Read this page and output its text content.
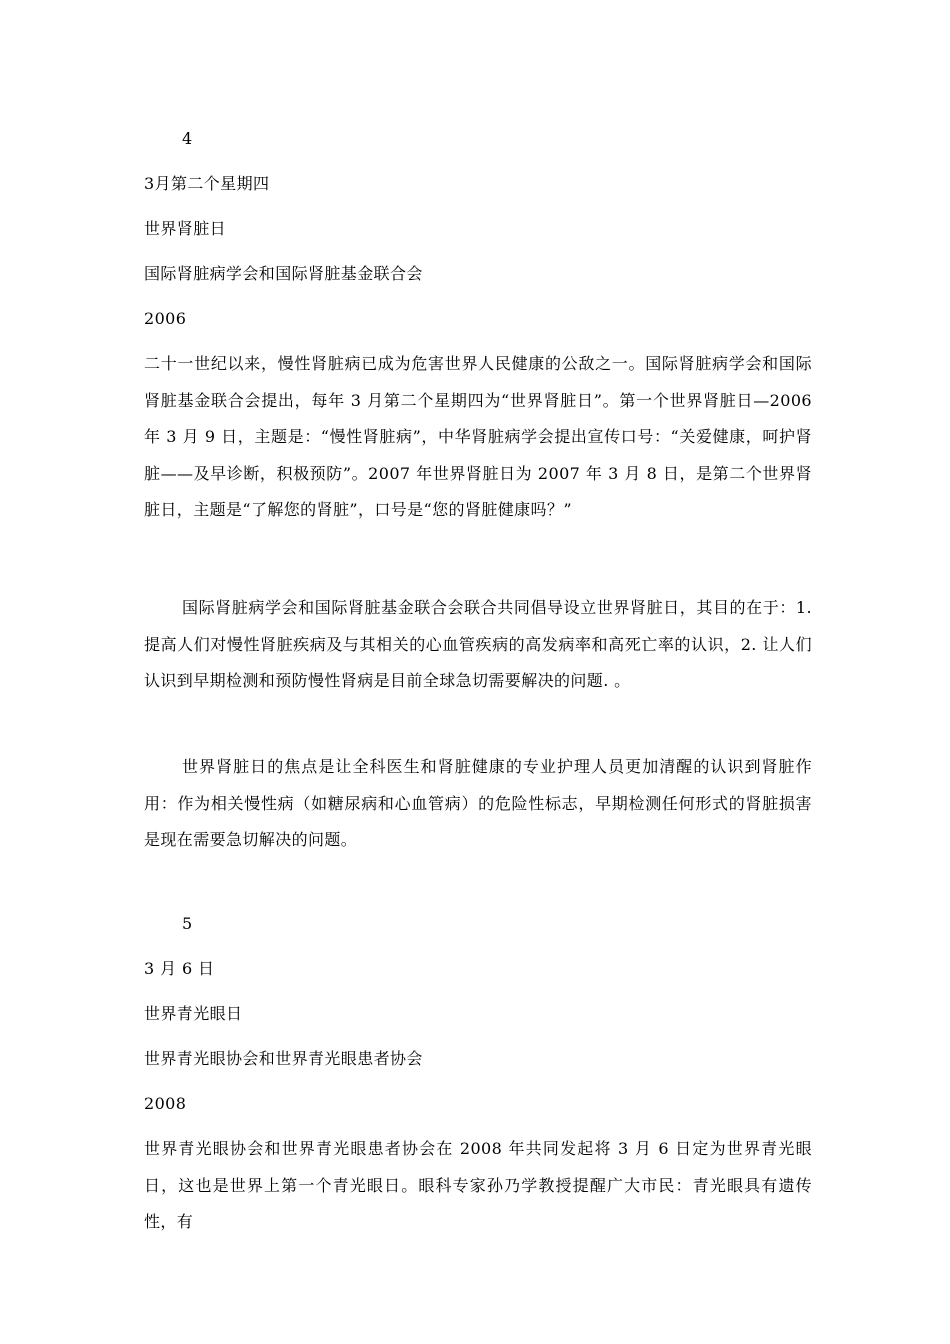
4
3月第二个星期四
世界肾脏日
国际肾脏病学会和国际肾脏基金联合会
2006
二十一世纪以来，慢性肾脏病已成为危害世界人民健康的公敌之一。国际肾脏病学会和国际肾脏基金联合会提出，每年 3 月第二个星期四为“世界肾脏日”。第一个世界肾脏日—2006 年 3 月 9 日，主题是：“慢性肾脏病”，中华肾脏病学会提出宣传口号：“关爱健康，呵护肾脏——及早诊断，积极预防”。2007 年世界肾脏日为 2007 年 3 月 8 日，是第二个世界肾脏日，主题是“了解您的肾脏”，口号是“您的肾脏健康吗？”
国际肾脏病学会和国际肾脏基金联合会联合共同倡导设立世界肾脏日，其目的在于：1. 提高人们对慢性肾脏疾病及与其相关的心血管疾病的高发病率和高死亡率的认识，2. 让人们认识到早期检测和预防慢性肾病是目前全球急切需要解决的问题. 。
世界肾脏日的焦点是让全科医生和肾脏健康的专业护理人员更加清醒的认识到肾脏作用：作为相关慢性病（如糖尿病和心血管病）的危险性标志，早期检测任何形式的肾脏损害是现在需要急切解决的问题。
5
3 月 6 日
世界青光眼日
世界青光眼协会和世界青光眼患者协会
2008
世界青光眼协会和世界青光眼患者协会在 2008 年共同发起将 3 月 6 日定为世界青光眼日，这也是世界上第一个青光眼日。眼科专家孙乃学教授提醒广大市民：青光眼具有遗传性，有
